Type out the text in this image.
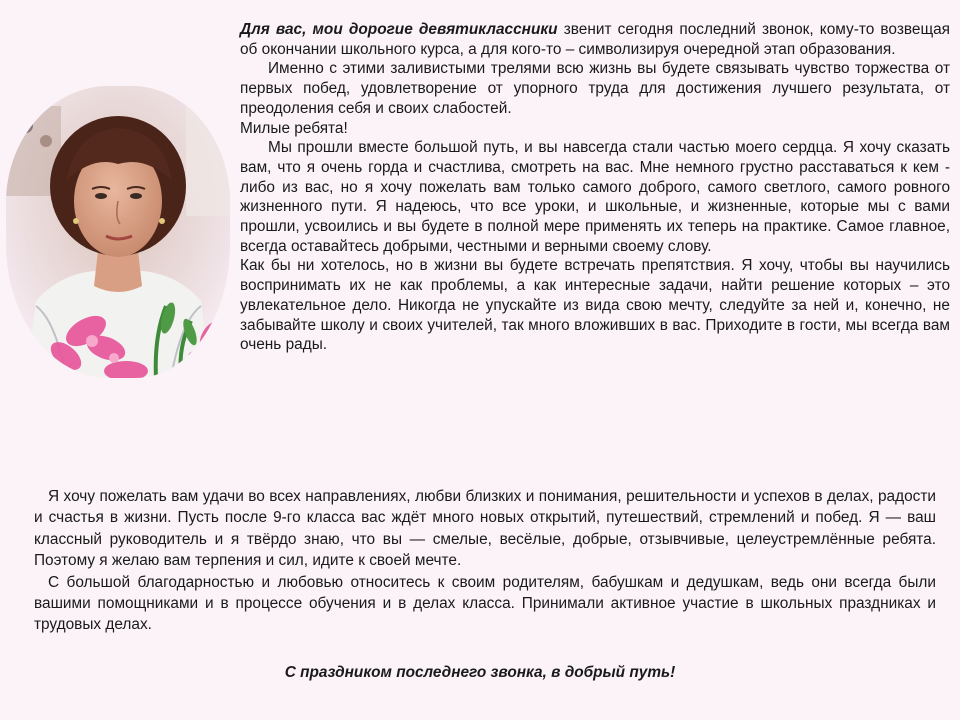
Для вас, мои дорогие девятиклассники звенит сегодня последний звонок, кому-то возвещая об окончании школьного курса, а для кого-то – символизируя очередной этап образования.

Именно с этими заливистыми трелями всю жизнь вы будете связывать чувство торжества от первых побед, удовлетворение от упорного труда для достижения лучшего результата, от преодоления себя и своих слабостей.

Милые ребята!

Мы прошли вместе большой путь, и вы навсегда стали частью моего сердца. Я хочу сказать вам, что я очень горда и счастлива, смотреть на вас. Мне немного грустно расставаться к кем - либо из вас, но я хочу пожелать вам только самого доброго, самого светлого, самого ровного жизненного пути. Я надеюсь, что все уроки, и школьные, и жизненные, которые мы с вами прошли, усвоились и вы будете в полной мере применять их теперь на практике. Самое главное, всегда оставайтесь добрыми, честными и верными своему слову.

Как бы ни хотелось, но в жизни вы будете встречать препятствия. Я хочу, чтобы вы научились воспринимать их не как проблемы, а как интересные задачи, найти решение которых – это увлекательное дело. Никогда не упускайте из вида свою мечту, следуйте за ней и, конечно, не забывайте школу и своих учителей, так много вложивших в вас. Приходите в гости, мы всегда вам очень рады.

Я хочу пожелать вам удачи во всех направлениях, любви близких и понимания, решительности и успехов в делах, радости и счастья в жизни. Пусть после 9-го класса вас ждёт много новых открытий, путешествий, стремлений и побед. Я — ваш классный руководитель и я твёрдо знаю, что вы — смелые, весёлые, добрые, отзывчивые, целеустремлённые ребята. Поэтому я желаю вам терпения и сил, идите к своей мечте.

С большой благодарностью и любовью относитесь к своим родителям, бабушкам и дедушкам, ведь они всегда были вашими помощниками и в процессе обучения и в делах класса. Принимали активное участие в школьных праздниках и трудовых делах.

С праздником последнего звонка, в добрый путь!
